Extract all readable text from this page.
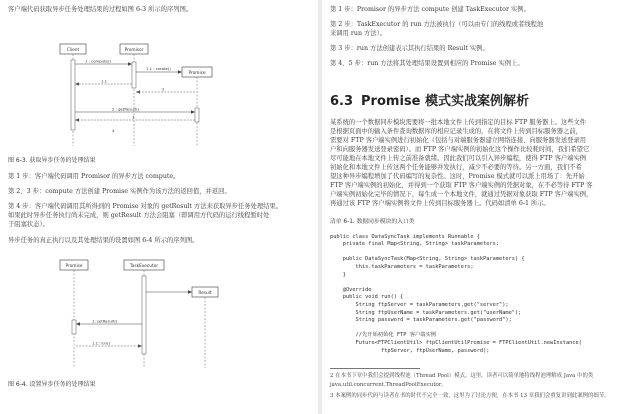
客户端代码获取异步任务处理结果的过程如图 6-3 所示的序列图。
Client	Promisor
1 : compute()
1.1 : create()
Promise
1.1
2
2 : getResult()
3
4
图 6-3. 获取异步任务的处理结果
第 1 步：客户端代码调用 Promisor 的异步方法 compute。
第 2、3 步：compute 方法创建 Promise 实例作为该方法的返回值，并返回。
第 4 步：客户端代码调用其所得到的 Promise 对象的 getResult 方法来获取异步任务处理结果。
如果此时异步任务执行尚未完成，则 getResult 方法会阻塞（即调用方代码的运行线程暂时处
于阻塞状态）。
异步任务的真正执行以及其处理结果的设置如图 6-4 所示的序列图。
Promise	TaskExecutor
Result
1: setResult()
1.1: run()
图 6-4. 设置异步任务的处理结果
第 1 步：Promisor 的异步方法 compute 创建 TaskExecutor 实例。
第 2 步：TaskExecutor 的 run 方法被执行（可以由专门的线程或者线程池
来调用 run 方法）。
第 3 步：run 方法创建表示其执行结果的 Result 实例。
第 4、5 步：run 方法将其处理结果设置到相应的 Promise 实例上。
6.3 Promise 模式实战案例解析
某系统的一个数据同步模块需要将一批本地文件上传到指定的目标 FTP 服务器上。这些文件
是根据页面中的输入条件查询数据库的相应记录生成的，在将文件上传到目标服务器之前，
需要对 FTP 客户端实例进行初始化（包括与对端服务器建立网络连接、向服务器发送登录用
户和向服务器发送登录密码）。而 FTP 客户端实例的初始化这个操作比较耗时间，我们希望它
尽可能地在本地文件上传之前准备就绪。因此我们可以引入异步编程，使得 FTP 客户端实例
初始化和本地文件上传这两个任务能够并发执行，减少不必要的等待。另一方面，我们不希
望这种异步编程增加了代码编写的复杂性。这时，Promise 模式就可以派上用场了：先开始
FTP 客户端实例的初始化，并得到一个获取 FTP 客户端实例的凭据对象，在不必等待 FTP 客
户端实例初始化完毕的情况下，每生成一个本地文件，就通过凭据对象获取 FTP 客户端实例，
再通过该 FTP 客户端实例将文件上传到目标服务器上。代码如清单 6-1 所示。
清单 6-1. 数据同步模块的入口类

public class DataSyncTask implements Runnable {
private final Map<String, String> taskParameters;

public DataSyncTask(Map<String, String> taskParameters) {
this.taskParameters = taskParameters;
}

@Override
public void run() {
String ftpServer = taskParameters.get("server");
String ftpUserName = taskParameters.get("userName");
String password = taskParameters.get("password");

//先开始初始化 FTP 客户端实例
Future<FTPClientUtil> ftpClientUtilPromise = FTPClientUtil.newInstance(
ftpServer, ftpUserName, password);

2 在本书下章中我们会提到线程池（Thread Pool）模式。这里，读者可以简单地将线程池理解成 Java 中的类
java.util.concurrent.ThreadPoolExecutor。
3 本案例的同步代码与读者在书的时代不完全一致，这里为了讨论方便，在本书 13 章我们会重复讲到此案例的细节。
